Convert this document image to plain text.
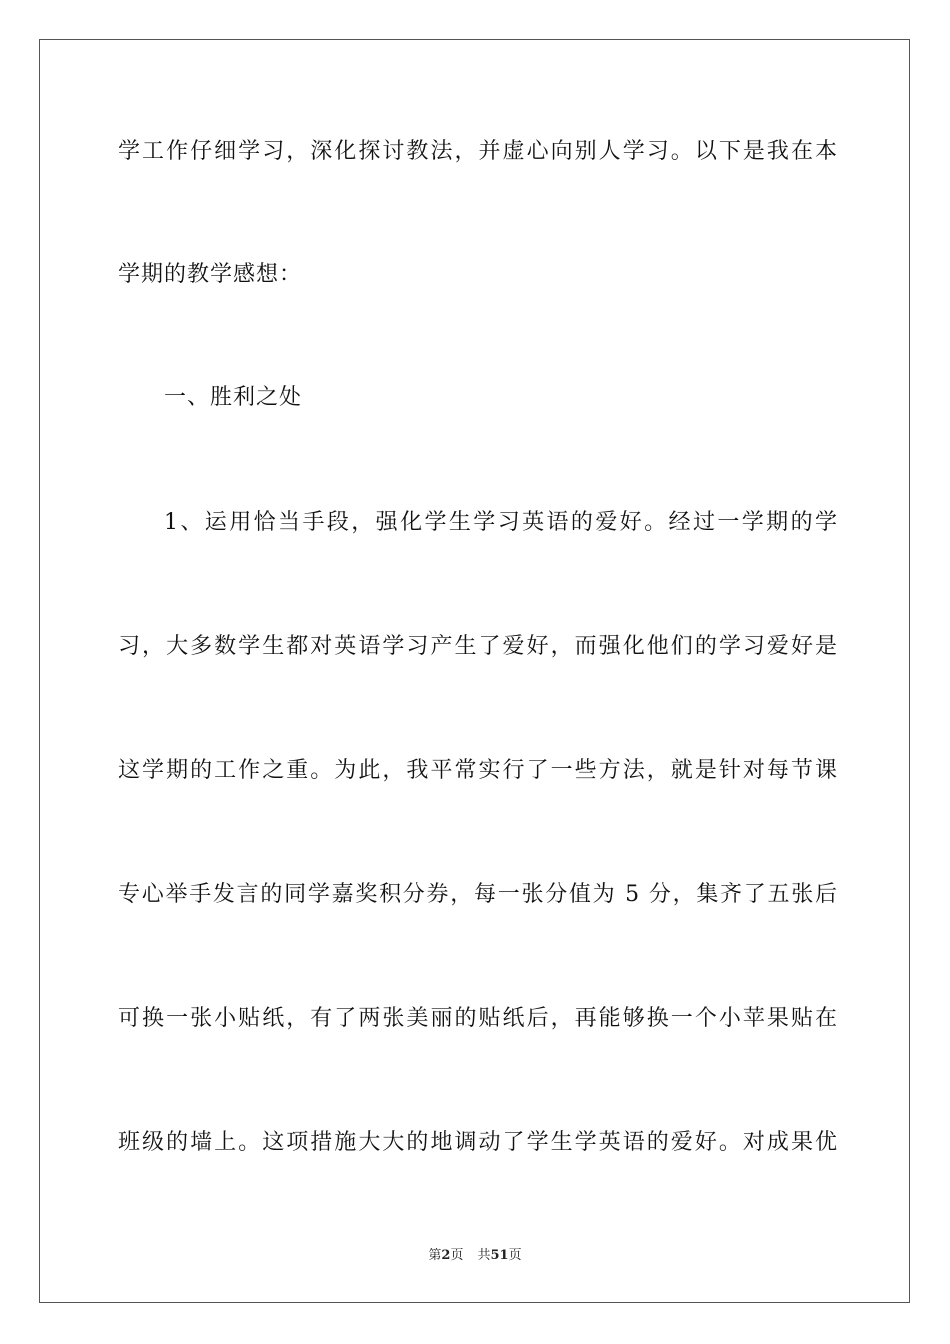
学工作仔细学习，深化探讨教法，并虚心向别人学习。以下是我在本
学期的教学感想：
一、胜利之处
1、运用恰当手段，强化学生学习英语的爱好。经过一学期的学
习，大多数学生都对英语学习产生了爱好，而强化他们的学习爱好是
这学期的工作之重。为此，我平常实行了一些方法，就是针对每节课
专心举手发言的同学嘉奖积分券，每一张分值为 5 分，集齐了五张后
可换一张小贴纸，有了两张美丽的贴纸后，再能够换一个小苹果贴在
班级的墙上。这项措施大大的地调动了学生学英语的爱好。对成果优
第2页 共51页
